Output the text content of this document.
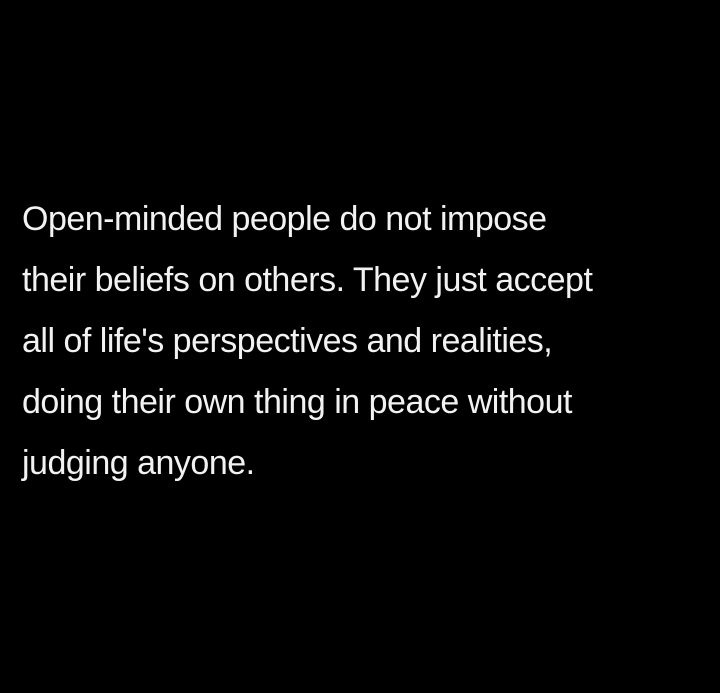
Open-minded people do not impose
their beliefs on others. They just accept
all of life's perspectives and realities,
doing their own thing in peace without
judging anyone.
